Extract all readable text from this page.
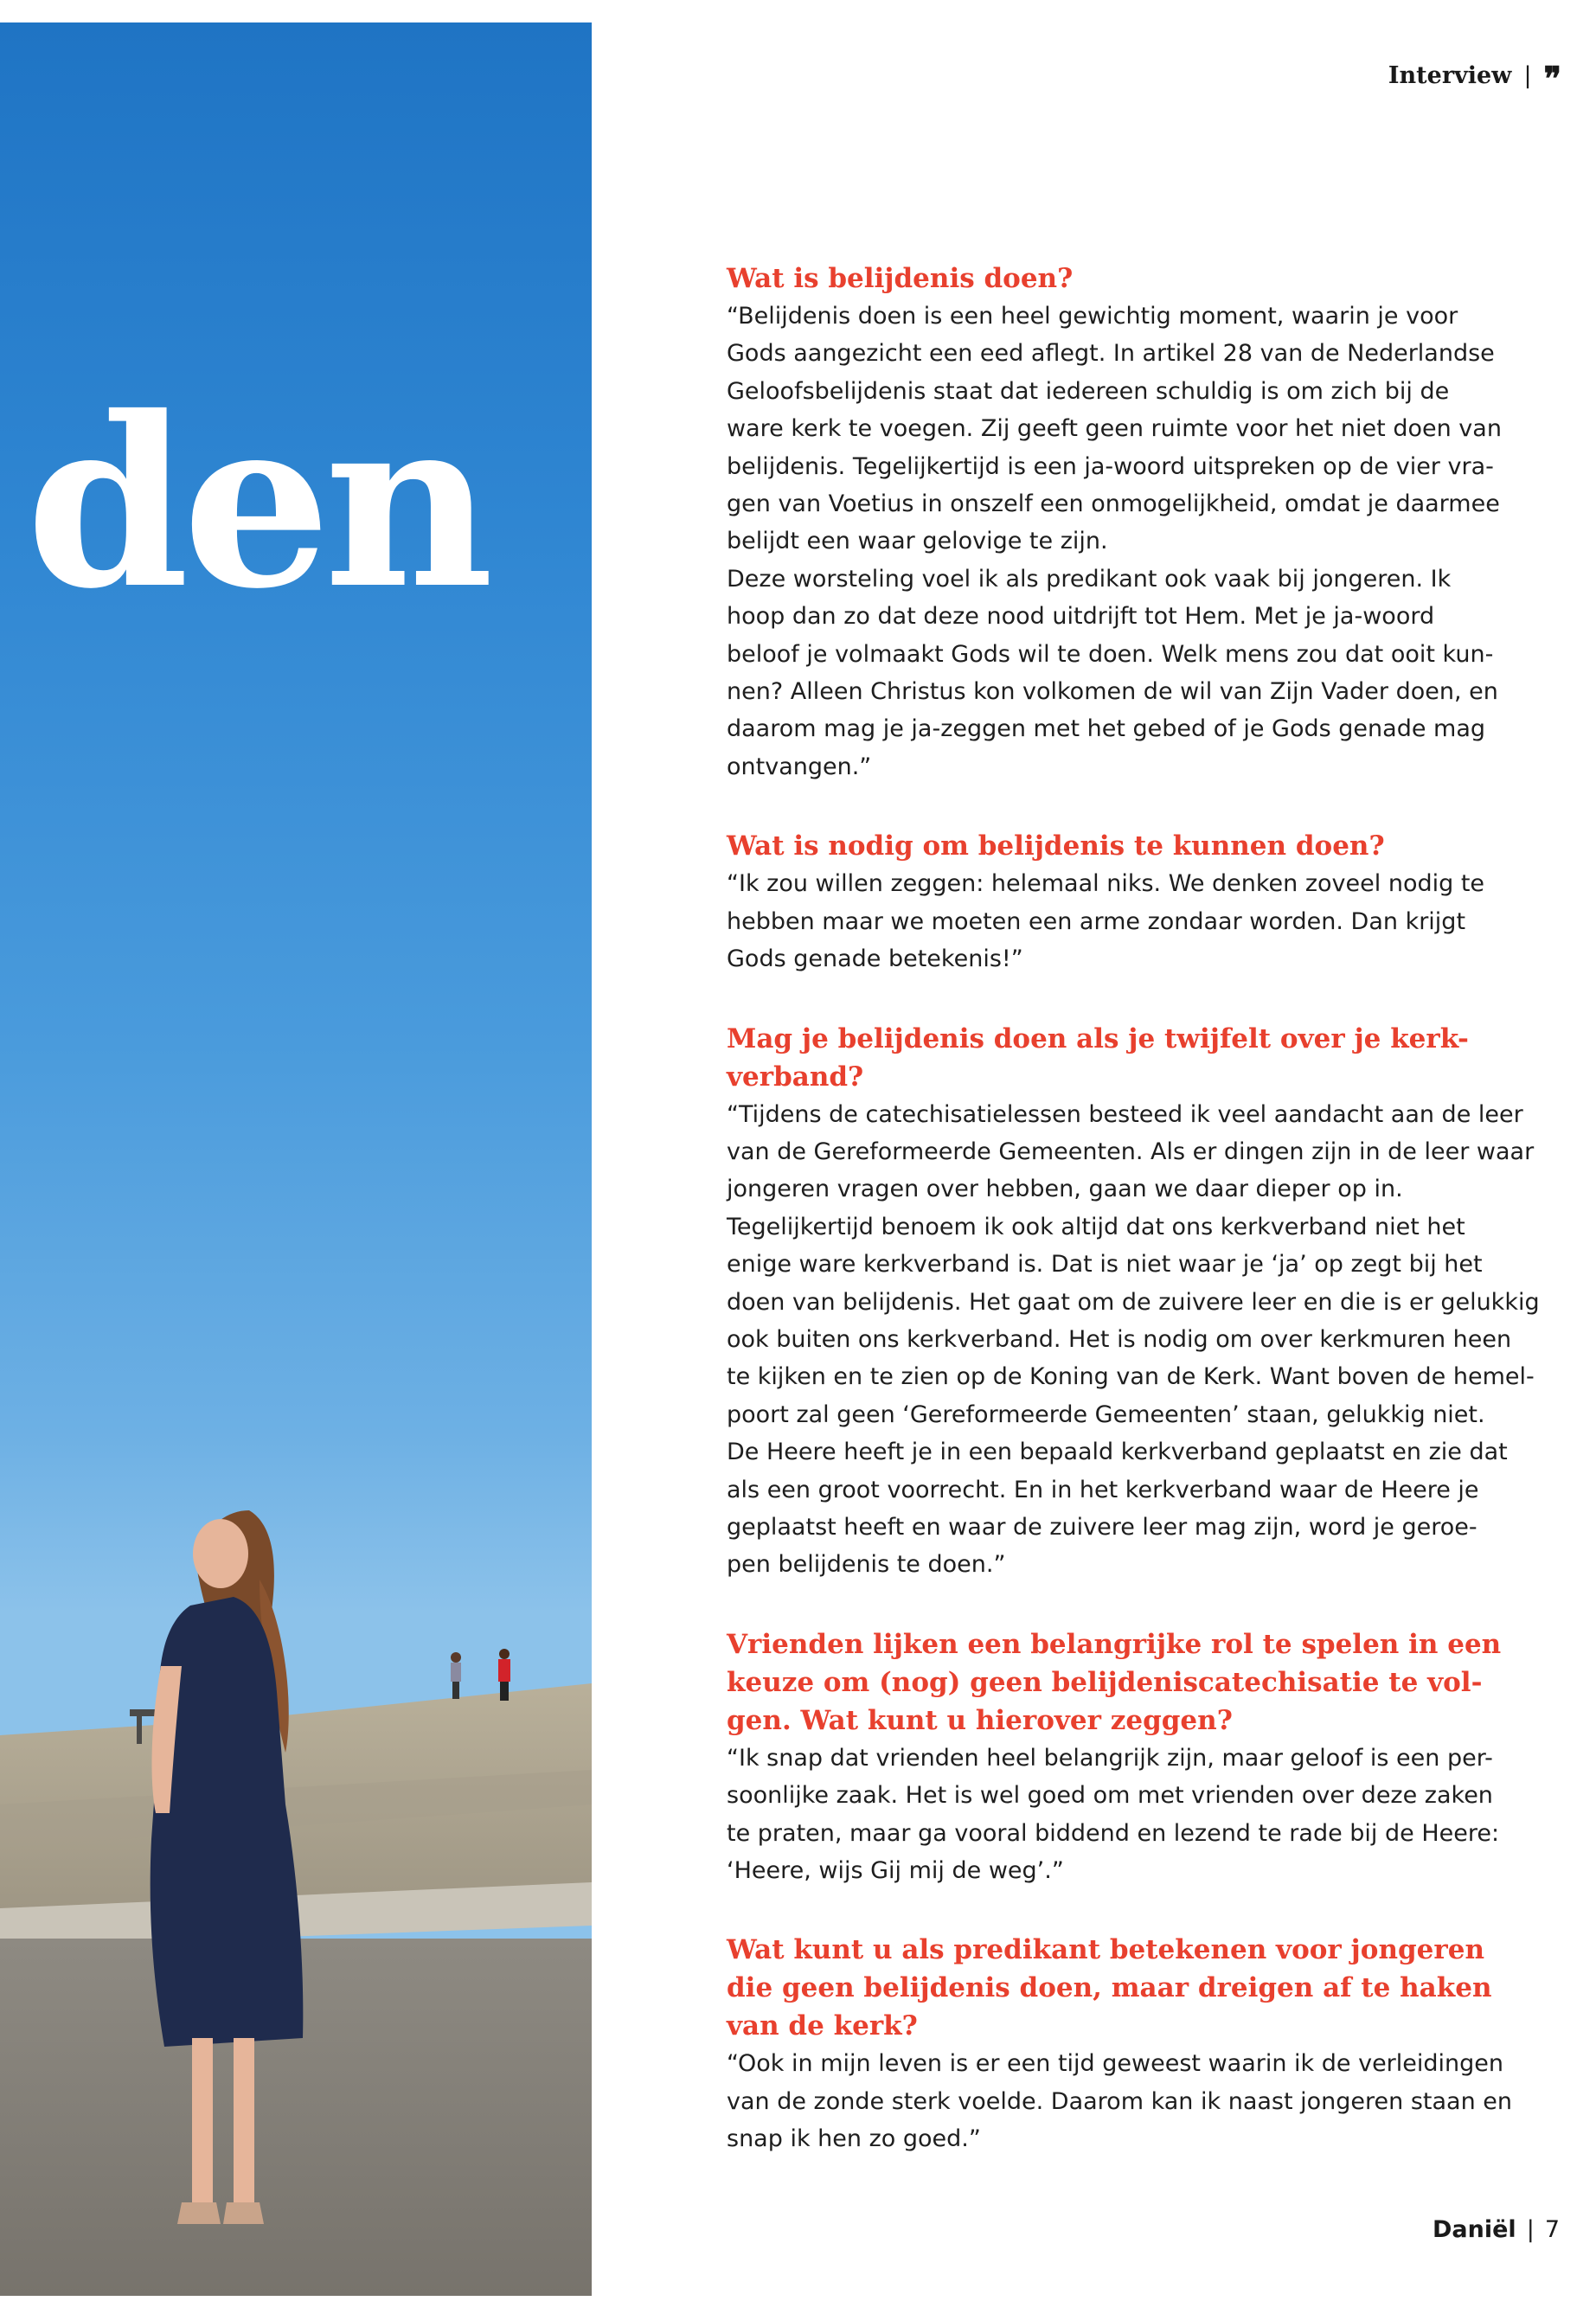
Interview | ❞
den
Wat is belijdenis doen?

“Belijdenis doen is een heel gewichtig moment, waarin je voor

Gods aangezicht een eed aflegt. In artikel 28 van de Nederlandse

Geloofsbelijdenis staat dat iedereen schuldig is om zich bij de

ware kerk te voegen. Zij geeft geen ruimte voor het niet doen van

belijdenis. Tegelijkertijd is een ja-woord uitspreken op de vier vra-

gen van Voetius in onszelf een onmogelijkheid, omdat je daarmee

belijdt een waar gelovige te zijn.

Deze worsteling voel ik als predikant ook vaak bij jongeren. Ik

hoop dan zo dat deze nood uitdrijft tot Hem. Met je ja-woord

beloof je volmaakt Gods wil te doen. Welk mens zou dat ooit kun-

nen? Alleen Christus kon volkomen de wil van Zijn Vader doen, en

daarom mag je ja-zeggen met het gebed of je Gods genade mag

ontvangen.”

Wat is nodig om belijdenis te kunnen doen?

“Ik zou willen zeggen: helemaal niks. We denken zoveel nodig te

hebben maar we moeten een arme zondaar worden. Dan krijgt

Gods genade betekenis!”

Mag je belijdenis doen als je twijfelt over je kerk-
verband?

“Tijdens de catechisatielessen besteed ik veel aandacht aan de leer

van de Gereformeerde Gemeenten. Als er dingen zijn in de leer waar

jongeren vragen over hebben, gaan we daar dieper op in.

Tegelijkertijd benoem ik ook altijd dat ons kerkverband niet het

enige ware kerkverband is. Dat is niet waar je ‘ja’ op zegt bij het

doen van belijdenis. Het gaat om de zuivere leer en die is er gelukkig

ook buiten ons kerkverband. Het is nodig om over kerkmuren heen

te kijken en te zien op de Koning van de Kerk. Want boven de hemel-

poort zal geen ‘Gereformeerde Gemeenten’ staan, gelukkig niet.

De Heere heeft je in een bepaald kerkverband geplaatst en zie dat

als een groot voorrecht. En in het kerkverband waar de Heere je

geplaatst heeft en waar de zuivere leer mag zijn, word je geroe-

pen belijdenis te doen.”

Vrienden lijken een belangrijke rol te spelen in een
keuze om (nog) geen belijdeniscatechisatie te vol-
gen. Wat kunt u hierover zeggen?

“Ik snap dat vrienden heel belangrijk zijn, maar geloof is een per-

soonlijke zaak. Het is wel goed om met vrienden over deze zaken

te praten, maar ga vooral biddend en lezend te rade bij de Heere:

‘Heere, wijs Gij mij de weg’.”

Wat kunt u als predikant betekenen voor jongeren
die geen belijdenis doen, maar dreigen af te haken
van de kerk?

“Ook in mijn leven is er een tijd geweest waarin ik de verleidingen

van de zonde sterk voelde. Daarom kan ik naast jongeren staan en

snap ik hen zo goed.”

Daniël | 7
